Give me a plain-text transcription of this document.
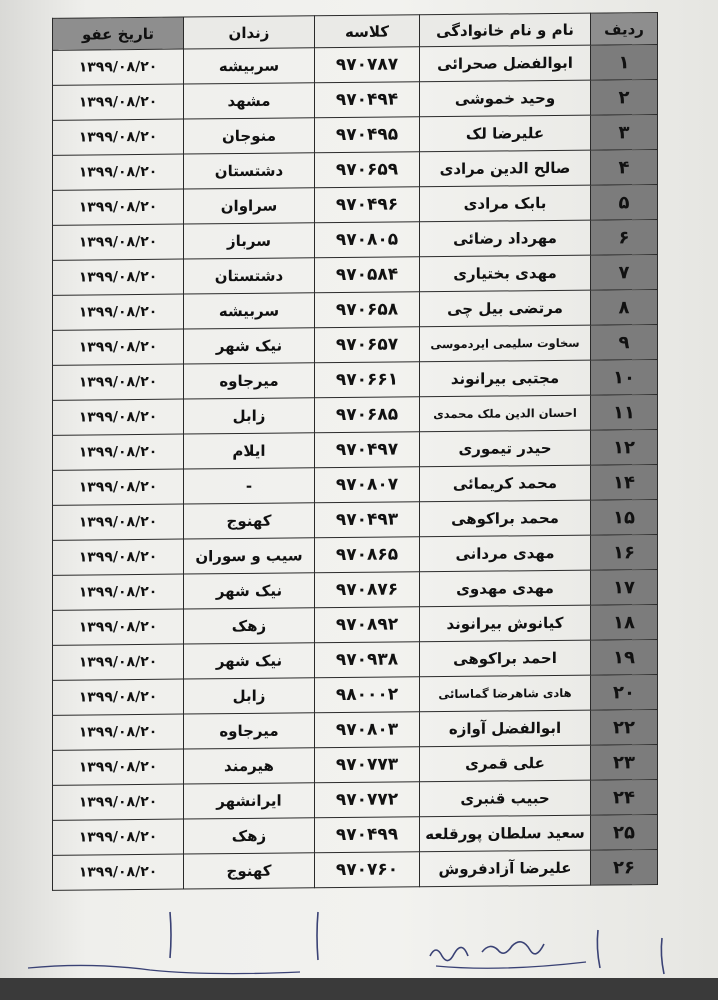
ردیف	نام و نام خانوادگی	کلاسه	زندان	تاریخ عفو
۱	ابوالفضل صحرائی	۹۷۰۷۸۷	سربیشه	۱۳۹۹/۰۸/۲۰
۲	وحید خموشی	۹۷۰۴۹۴	مشهد	۱۳۹۹/۰۸/۲۰
۳	علیرضا لک	۹۷۰۴۹۵	منوجان	۱۳۹۹/۰۸/۲۰
۴	صالح الدین مرادی	۹۷۰۶۵۹	دشتستان	۱۳۹۹/۰۸/۲۰
۵	بابک مرادی	۹۷۰۴۹۶	سراوان	۱۳۹۹/۰۸/۲۰
۶	مهرداد رضائی	۹۷۰۸۰۵	سرباز	۱۳۹۹/۰۸/۲۰
۷	مهدی بختیاری	۹۷۰۵۸۴	دشتستان	۱۳۹۹/۰۸/۲۰
۸	مرتضی بیل چی	۹۷۰۶۵۸	سربیشه	۱۳۹۹/۰۸/۲۰
۹	سخاوت سلیمی ایردموسی	۹۷۰۶۵۷	نیک شهر	۱۳۹۹/۰۸/۲۰
۱۰	مجتبی بیرانوند	۹۷۰۶۶۱	میرجاوه	۱۳۹۹/۰۸/۲۰
۱۱	احسان الدین ملک محمدی	۹۷۰۶۸۵	زابل	۱۳۹۹/۰۸/۲۰
۱۲	حیدر تیموری	۹۷۰۴۹۷	ایلام	۱۳۹۹/۰۸/۲۰
۱۴	محمد کریمائی	۹۷۰۸۰۷	-	۱۳۹۹/۰۸/۲۰
۱۵	محمد براکوهی	۹۷۰۴۹۳	کهنوج	۱۳۹۹/۰۸/۲۰
۱۶	مهدی مردانی	۹۷۰۸۶۵	سیب و سوران	۱۳۹۹/۰۸/۲۰
۱۷	مهدی مهدوی	۹۷۰۸۷۶	نیک شهر	۱۳۹۹/۰۸/۲۰
۱۸	کیانوش بیرانوند	۹۷۰۸۹۲	زهک	۱۳۹۹/۰۸/۲۰
۱۹	احمد براکوهی	۹۷۰۹۳۸	نیک شهر	۱۳۹۹/۰۸/۲۰
۲۰	هادی شاهرضا گماسائی	۹۸۰۰۰۲	زابل	۱۳۹۹/۰۸/۲۰
۲۲	ابوالفضل آوازه	۹۷۰۸۰۳	میرجاوه	۱۳۹۹/۰۸/۲۰
۲۳	علی قمری	۹۷۰۷۷۳	هیرمند	۱۳۹۹/۰۸/۲۰
۲۴	حبیب قنبری	۹۷۰۷۷۲	ایرانشهر	۱۳۹۹/۰۸/۲۰
۲۵	سعید سلطان پورقلعه	۹۷۰۴۹۹	زهک	۱۳۹۹/۰۸/۲۰
۲۶	علیرضا آزادفروش	۹۷۰۷۶۰	کهنوج	۱۳۹۹/۰۸/۲۰
